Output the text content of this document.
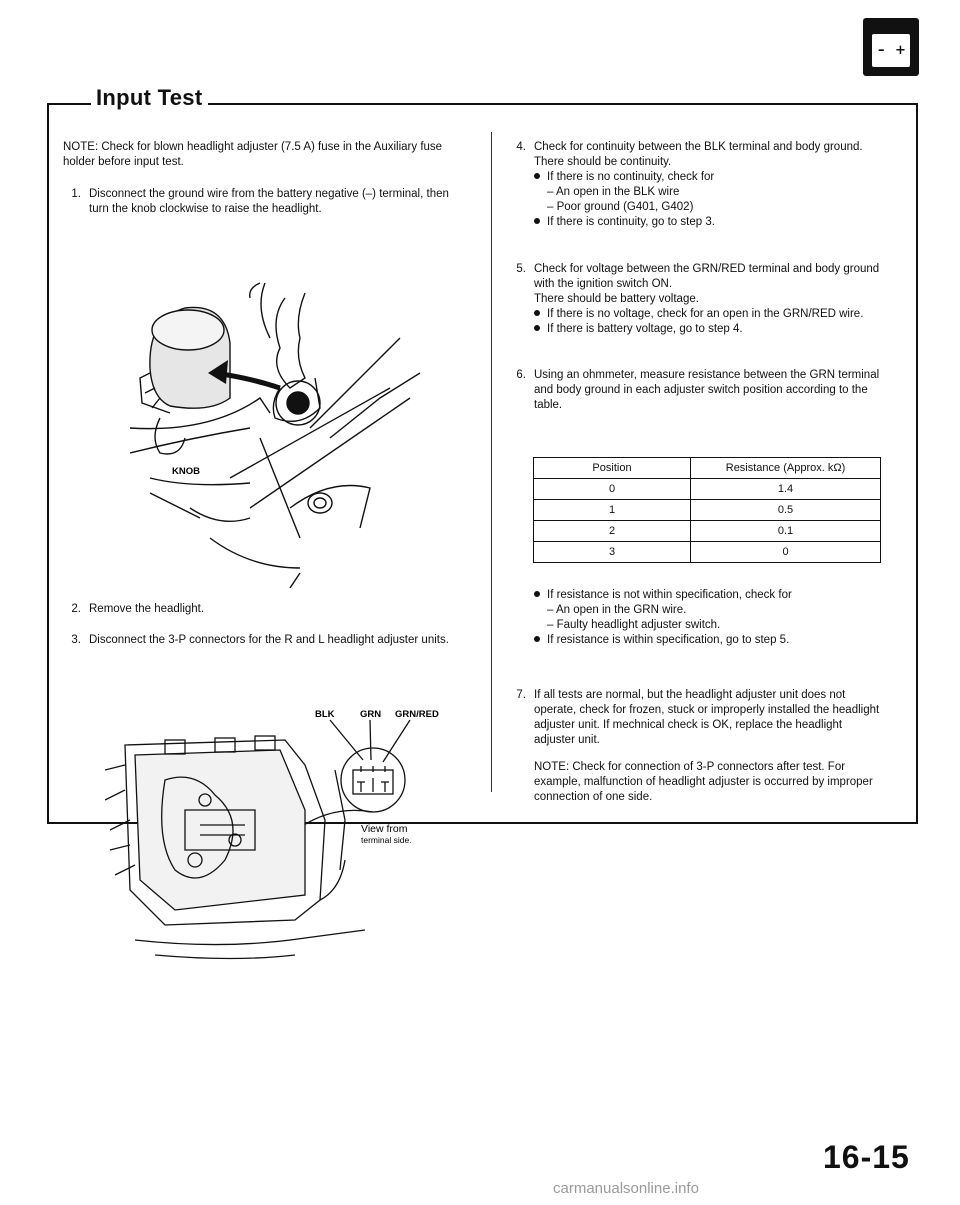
– +
Input Test
NOTE: Check for blown headlight adjuster (7.5 A) fuse in the Auxiliary fuse holder before input test.
1. Disconnect the ground wire from the battery negative (–) terminal, then turn the knob clockwise to raise the headlight.
KNOB
2. Remove the headlight.
3. Disconnect the 3-P connectors for the R and L headlight adjuster units.
BLK	GRN GRN/RED
View from
terminal side.
4. Check for continuity between the BLK terminal and body ground.
There should be continuity.
If there is no continuity, check for
– An open in the BLK wire
– Poor ground (G401, G402)
If there is continuity, go to step 3.
5. Check for voltage between the GRN/RED terminal and body ground with the ignition switch ON.
There should be battery voltage.
If there is no voltage, check for an open in the GRN/RED wire.
If there is battery voltage, go to step 4.
6. Using an ohmmeter, measure resistance between the GRN terminal and body ground in each adjuster switch position according to the table.
Position	Resistance (Approx. kΩ)
0	1.4
1	0.5
2	0.1
3	0
If resistance is not within specification, check for
– An open in the GRN wire.
– Faulty headlight adjuster switch.
If resistance is within specification, go to step 5.
7. If all tests are normal, but the headlight adjuster unit does not operate, check for frozen, stuck or improperly installed the headlight adjuster unit. If mechnical check is OK, replace the headlight adjuster unit.
NOTE: Check for connection of 3-P connectors after test. For example, malfunction of headlight adjuster is occurred by improper connection of one side.
16-15
carmanualsonline.info
